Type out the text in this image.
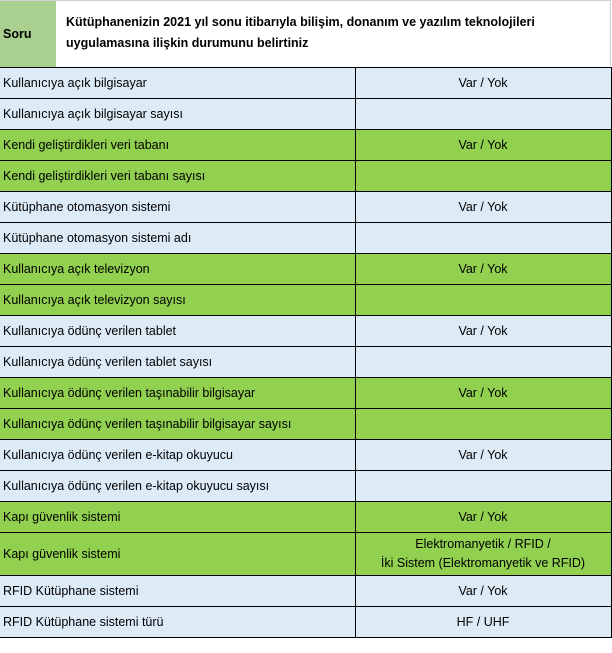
Soru
Kütüphanenizin 2021 yıl sonu itibarıyla bilişim, donanım ve yazılım teknolojileri
uygulamasına ilişkin durumunu belirtiniz
Kullanıcıya açık bilgisayar	Var / Yok

Kullanıcıya açık bilgisayar sayısı	

Kendi geliştirdikleri veri tabanı	Var / Yok

Kendi geliştirdikleri veri tabanı sayısı	

Kütüphane otomasyon sistemi	Var / Yok

Kütüphane otomasyon sistemi adı	

Kullanıcıya açık televizyon	Var / Yok

Kullanıcıya açık televizyon sayısı	

Kullanıcıya ödünç verilen tablet	Var / Yok

Kullanıcıya ödünç verilen tablet sayısı	

Kullanıcıya ödünç verilen taşınabilir bilgisayar	Var / Yok

Kullanıcıya ödünç verilen taşınabilir bilgisayar sayısı	

Kullanıcıya ödünç verilen e-kitap okuyucu	Var / Yok

Kullanıcıya ödünç verilen e-kitap okuyucu sayısı	

Kapı güvenlik sistemi	Var / Yok

Kapı güvenlik sistemi	Elektromanyetik / RFID /
İki Sistem (Elektromanyetik ve RFID)

RFID Kütüphane sistemi	Var / Yok

RFID Kütüphane sistemi türü	HF / UHF
